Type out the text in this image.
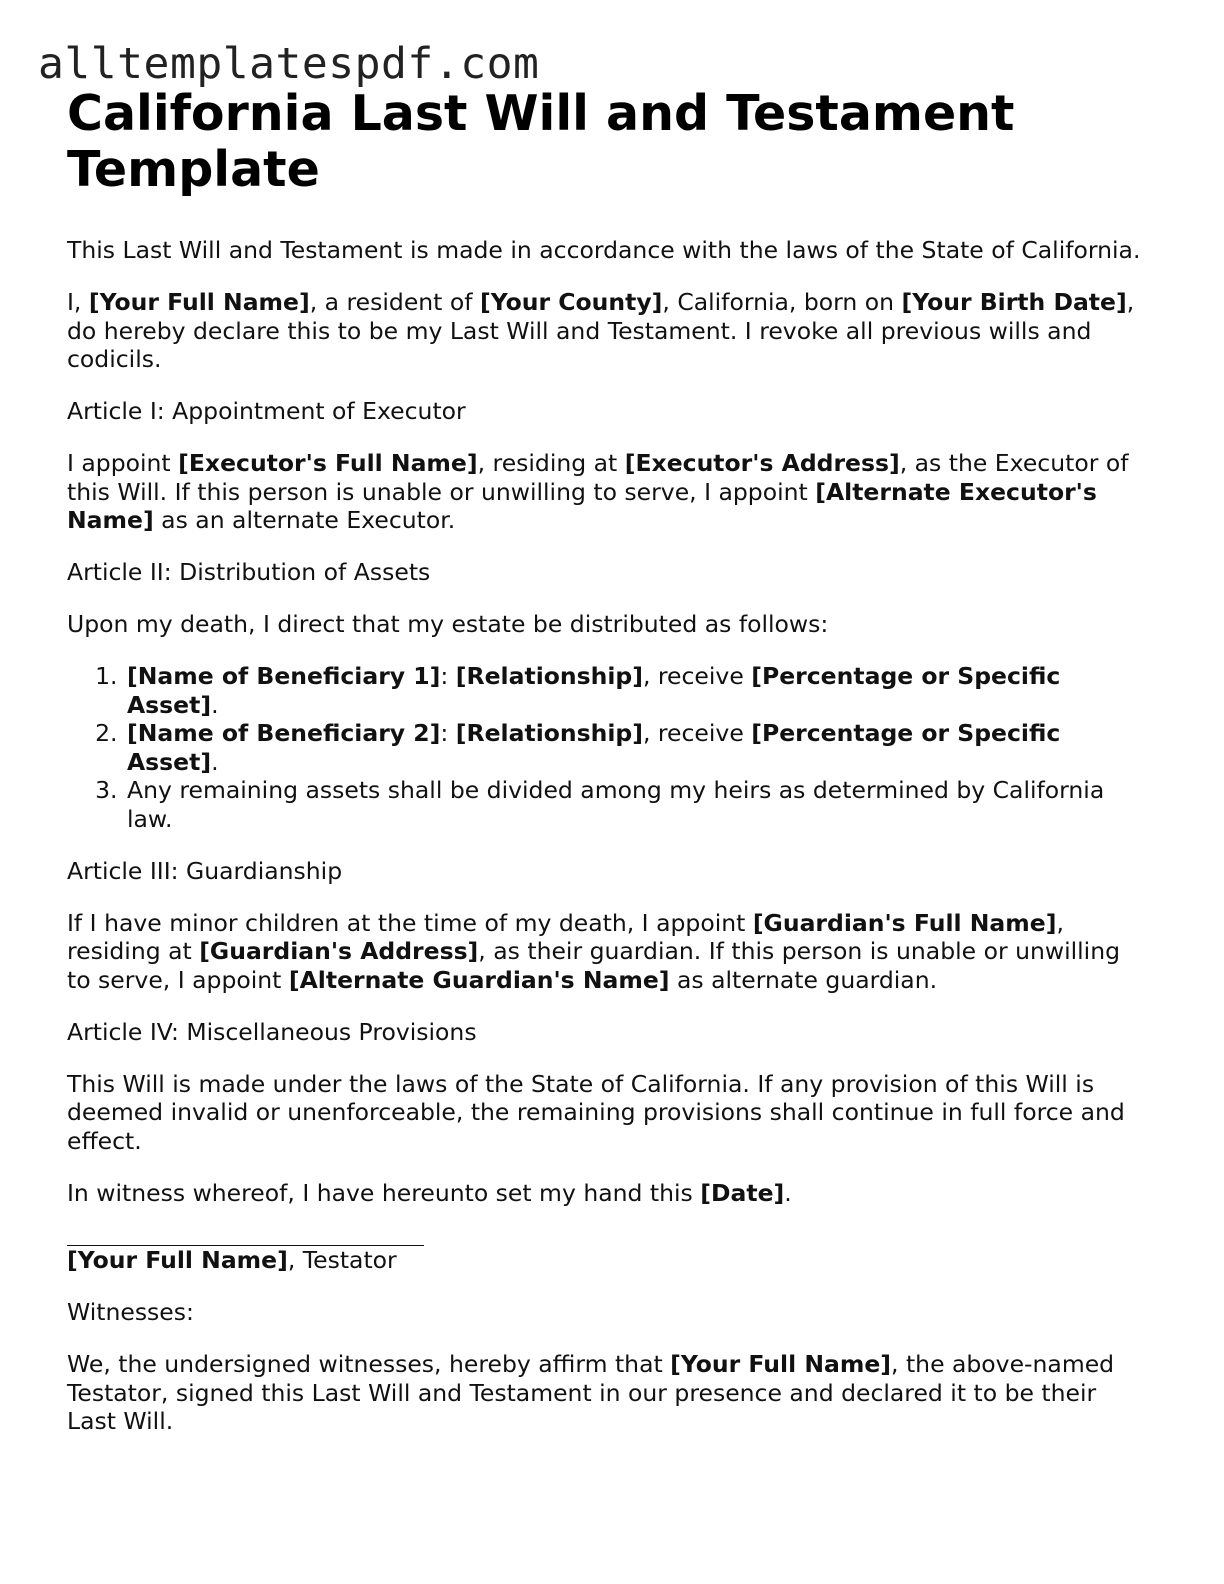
alltemplatespdf.com
California Last Will and Testament Template

This Last Will and Testament is made in accordance with the laws of the State of California.

I, [Your Full Name], a resident of [Your County], California, born on [Your Birth Date], do hereby declare this to be my Last Will and Testament. I revoke all previous wills and codicils.

Article I: Appointment of Executor

I appoint [Executor's Full Name], residing at [Executor's Address], as the Executor of this Will. If this person is unable or unwilling to serve, I appoint [Alternate Executor's Name] as an alternate Executor.

Article II: Distribution of Assets

Upon my death, I direct that my estate be distributed as follows:

1. [Name of Beneficiary 1]: [Relationship], receive [Percentage or Specific Asset].
2. [Name of Beneficiary 2]: [Relationship], receive [Percentage or Specific Asset].
3. Any remaining assets shall be divided among my heirs as determined by California law.

Article III: Guardianship

If I have minor children at the time of my death, I appoint [Guardian's Full Name], residing at [Guardian's Address], as their guardian. If this person is unable or unwilling to serve, I appoint [Alternate Guardian's Name] as alternate guardian.

Article IV: Miscellaneous Provisions

This Will is made under the laws of the State of California. If any provision of this Will is deemed invalid or unenforceable, the remaining provisions shall continue in full force and effect.

In witness whereof, I have hereunto set my hand this [Date].

[Your Full Name], Testator

Witnesses:

We, the undersigned witnesses, hereby affirm that [Your Full Name], the above-named Testator, signed this Last Will and Testament in our presence and declared it to be their Last Will.
